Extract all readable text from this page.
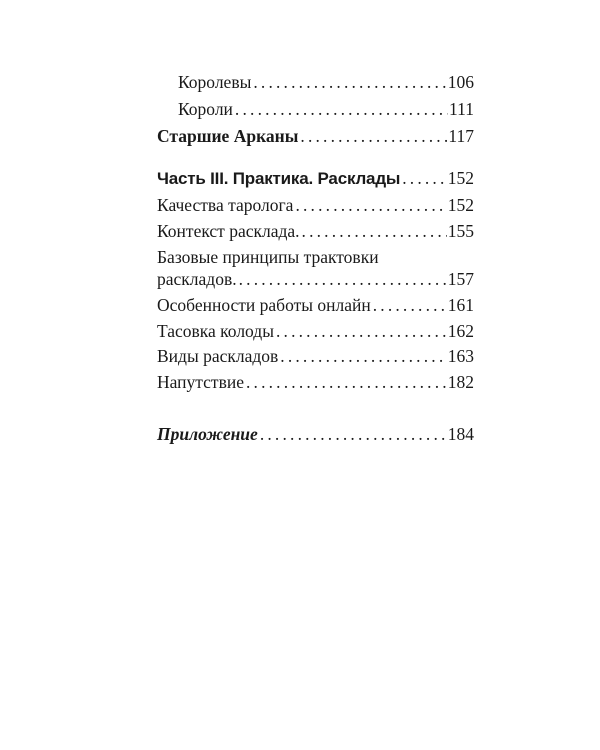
Королевы . . .	106
Короли . . .	111
Старшие Арканы . . .	117
Часть III. Практика. Расклады . . .	152
Качества таролога . . .	152
Контекст расклада. . . .	155
Базовые принципы трактовки
раскладов. . . .	157
Особенности работы онлайн . . .	161
Тасовка колоды . . .	162
Виды раскладов . . .	163
Напутствие . . .	182
Приложение . . .	184
